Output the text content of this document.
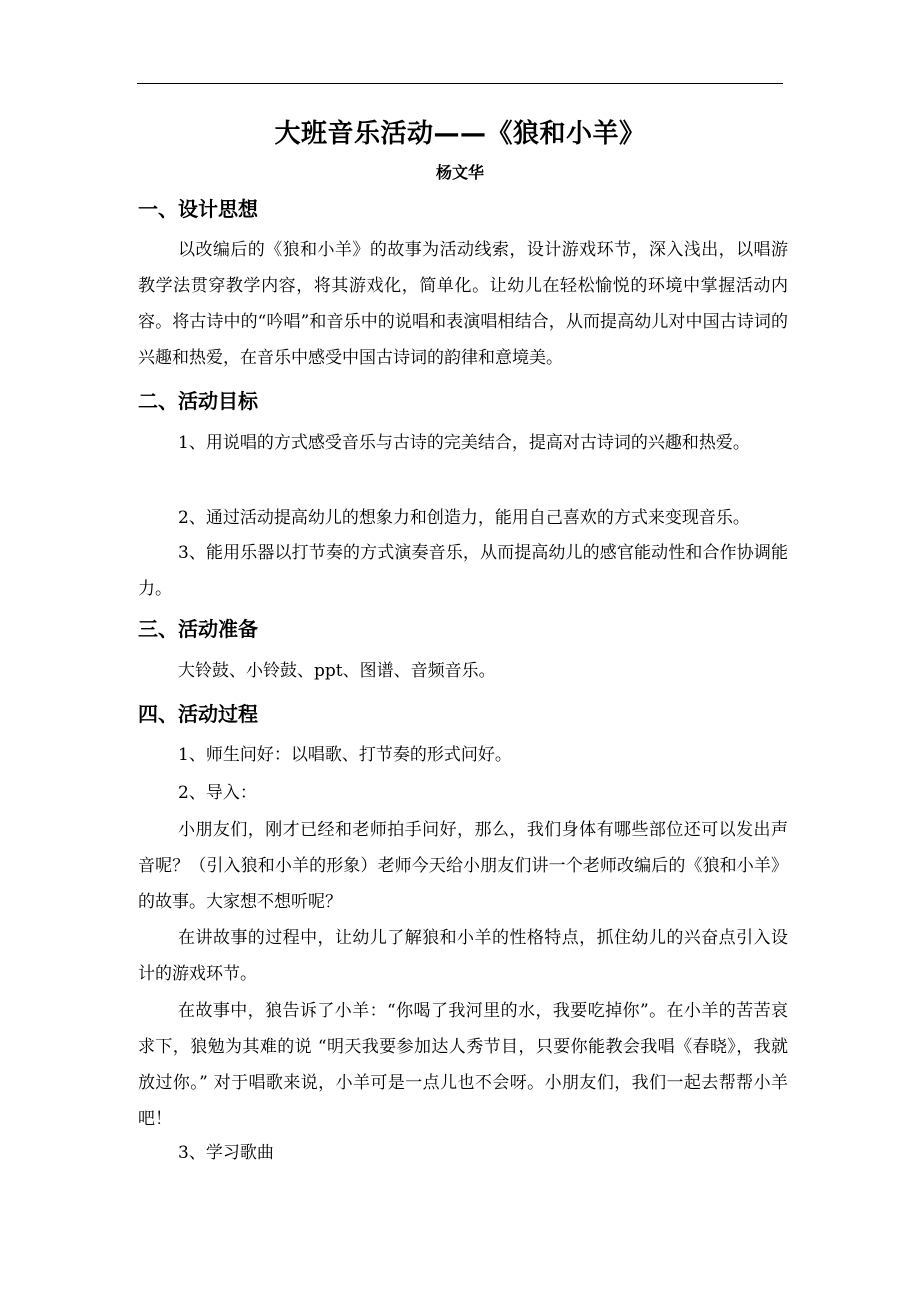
大班音乐活动——《狼和小羊》
杨文华
一、设计思想

以改编后的《狼和小羊》的故事为活动线索，设计游戏环节，深入浅出，以唱游教学法贯穿教学内容，将其游戏化，简单化。让幼儿在轻松愉悦的环境中掌握活动内容。将古诗中的“吟唱”和音乐中的说唱和表演唱相结合，从而提高幼儿对中国古诗词的兴趣和热爱，在音乐中感受中国古诗词的韵律和意境美。

二、活动目标

1、用说唱的方式感受音乐与古诗的完美结合，提高对古诗词的兴趣和热爱。

2、通过活动提高幼儿的想象力和创造力，能用自己喜欢的方式来变现音乐。

3、能用乐器以打节奏的方式演奏音乐，从而提高幼儿的感官能动性和合作协调能力。

三、活动准备

大铃鼓、小铃鼓、ppt、图谱、音频音乐。

四、活动过程

1、师生问好：以唱歌、打节奏的形式问好。

2、导入：

小朋友们，刚才已经和老师拍手问好，那么，我们身体有哪些部位还可以发出声音呢？（引入狼和小羊的形象）老师今天给小朋友们讲一个老师改编后的《狼和小羊》的故事。大家想不想听呢？

在讲故事的过程中，让幼儿了解狼和小羊的性格特点，抓住幼儿的兴奋点引入设计的游戏环节。

在故事中，狼告诉了小羊：“你喝了我河里的水，我要吃掉你”。在小羊的苦苦哀求下，狼勉为其难的说 “明天我要参加达人秀节目，只要你能教会我唱《春晓》，我就放过你。” 对于唱歌来说，小羊可是一点儿也不会呀。小朋友们，我们一起去帮帮小羊吧！

3、学习歌曲
